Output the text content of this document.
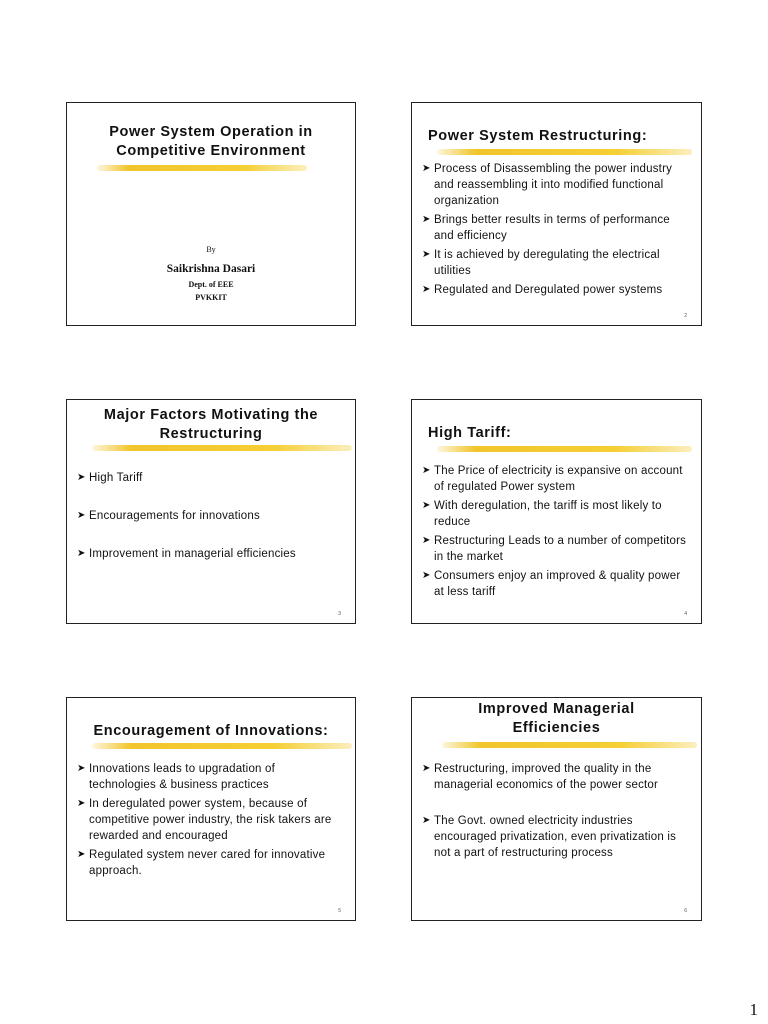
Power System Operation in Competitive Environment
By
Saikrishna Dasari
Dept. of EEE
PVKKIT
Power System Restructuring:
➤ Process of Disassembling the power industry and reassembling it into modified functional organization
➤ Brings better results in terms of performance and efficiency
➤ It is achieved by deregulating the electrical utilities
➤ Regulated and Deregulated power systems
2
Major Factors Motivating the Restructuring
➤ High Tariff
➤ Encouragements for innovations
➤ Improvement in managerial efficiencies
3
High Tariff:
➤ The Price of electricity is expansive on account of regulated Power system
➤ With deregulation, the tariff is most likely to reduce
➤ Restructuring Leads to a number of competitors in the market
➤ Consumers enjoy an improved & quality power at less tariff
4
Encouragement of Innovations:
➤ Innovations leads to upgradation of technologies & business practices
➤ In deregulated power system, because of competitive power industry, the risk takers are rewarded and encouraged
➤ Regulated system never cared for innovative approach.
5
Improved Managerial Efficiencies
➤ Restructuring, improved the quality in the managerial economics of the power sector
➤ The Govt. owned electricity industries encouraged privatization, even privatization is not a part of restructuring process
6
1
